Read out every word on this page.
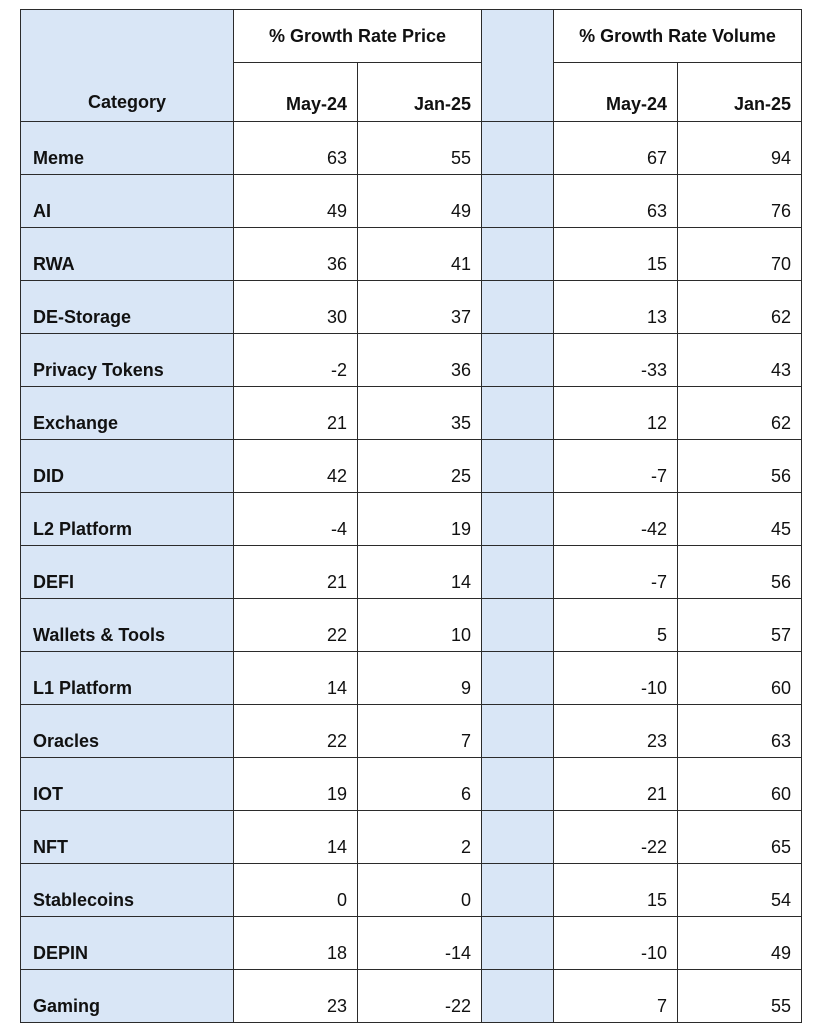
Category	% Growth Rate Price			% Growth Rate Volume	
	May-24	Jan-25		May-24	Jan-25
Meme	63	55		67	94
AI	49	49		63	76
RWA	36	41		15	70
DE-Storage	30	37		13	62
Privacy Tokens	-2	36		-33	43
Exchange	21	35		12	62
DID	42	25		-7	56
L2 Platform	-4	19		-42	45
DEFI	21	14		-7	56
Wallets & Tools	22	10		5	57
L1 Platform	14	9		-10	60
Oracles	22	7		23	63
IOT	19	6		21	60
NFT	14	2		-22	65
Stablecoins	0	0		15	54
DEPIN	18	-14		-10	49
Gaming	23	-22		7	55
